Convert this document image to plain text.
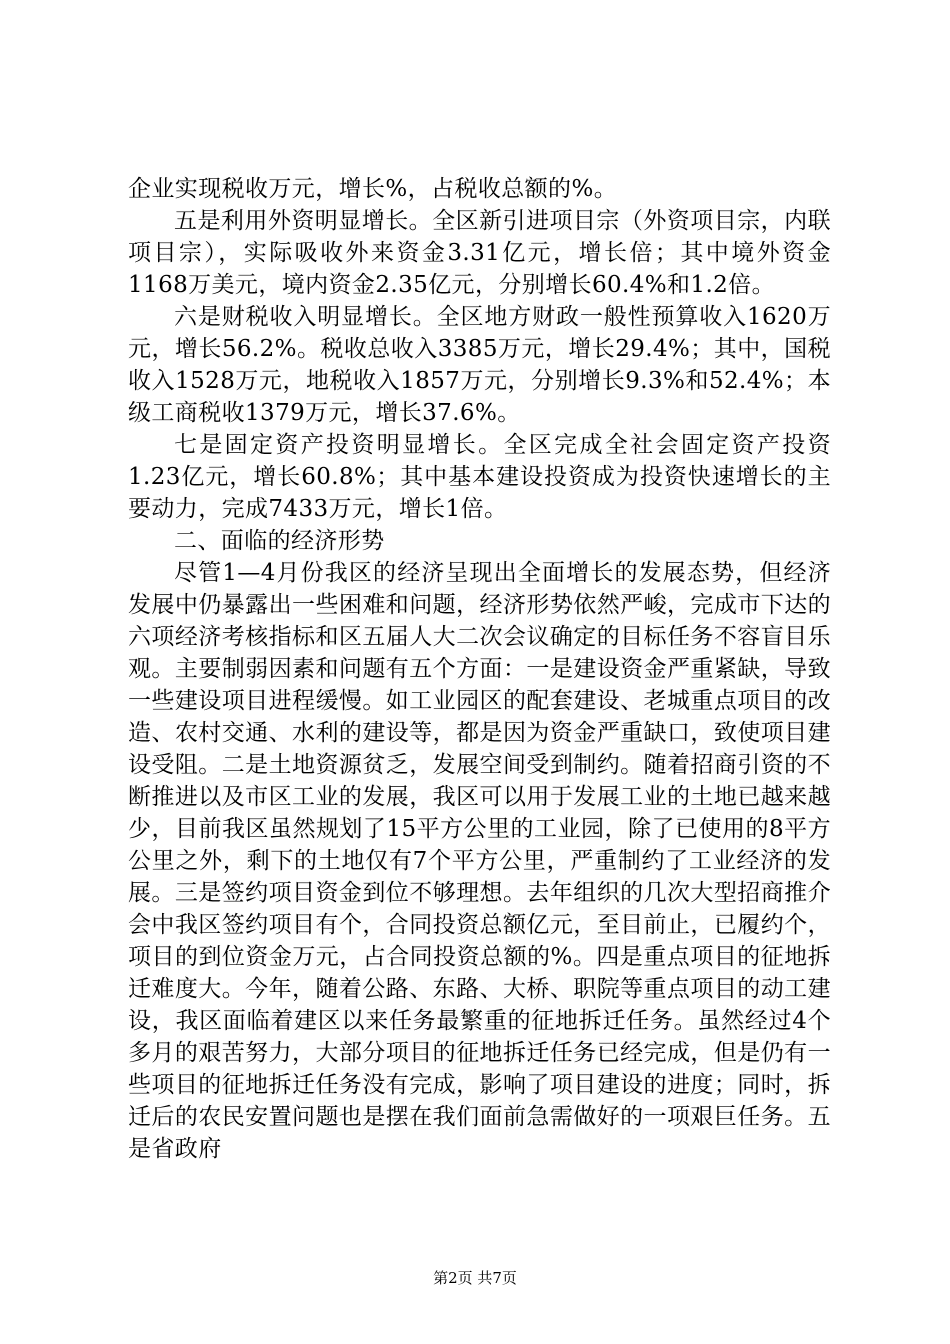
企业实现税收万元，增长%，占税收总额的%。

五是利用外资明显增长。全区新引进项目宗（外资项目宗，内联项目宗），实际吸收外来资金3.31亿元，增长倍；其中境外资金1168万美元，境内资金2.35亿元，分别增长60.4%和1.2倍。

六是财税收入明显增长。全区地方财政一般性预算收入1620万元，增长56.2%。税收总收入3385万元，增长29.4%；其中，国税收入1528万元，地税收入1857万元，分别增长9.3%和52.4%；本级工商税收1379万元，增长37.6%。

七是固定资产投资明显增长。全区完成全社会固定资产投资1.23亿元，增长60.8%；其中基本建设投资成为投资快速增长的主要动力，完成7433万元，增长1倍。

二、面临的经济形势

尽管1—4月份我区的经济呈现出全面增长的发展态势，但经济发展中仍暴露出一些困难和问题，经济形势依然严峻，完成市下达的六项经济考核指标和区五届人大二次会议确定的目标任务不容盲目乐观。主要制弱因素和问题有五个方面：一是建设资金严重紧缺，导致一些建设项目进程缓慢。如工业园区的配套建设、老城重点项目的改造、农村交通、水利的建设等，都是因为资金严重缺口，致使项目建设受阻。二是土地资源贫乏，发展空间受到制约。随着招商引资的不断推进以及市区工业的发展，我区可以用于发展工业的土地已越来越少，目前我区虽然规划了15平方公里的工业园，除了已使用的8平方公里之外，剩下的土地仅有7个平方公里，严重制约了工业经济的发展。三是签约项目资金到位不够理想。去年组织的几次大型招商推介会中我区签约项目有个，合同投资总额亿元，至目前止，已履约个，项目的到位资金万元，占合同投资总额的%。四是重点项目的征地拆迁难度大。今年，随着公路、东路、大桥、职院等重点项目的动工建设，我区面临着建区以来任务最繁重的征地拆迁任务。虽然经过4个多月的艰苦努力，大部分项目的征地拆迁任务已经完成，但是仍有一些项目的征地拆迁任务没有完成，影响了项目建设的进度；同时，拆迁后的农民安置问题也是摆在我们面前急需做好的一项艰巨任务。五是省政府

第2页 共7页
